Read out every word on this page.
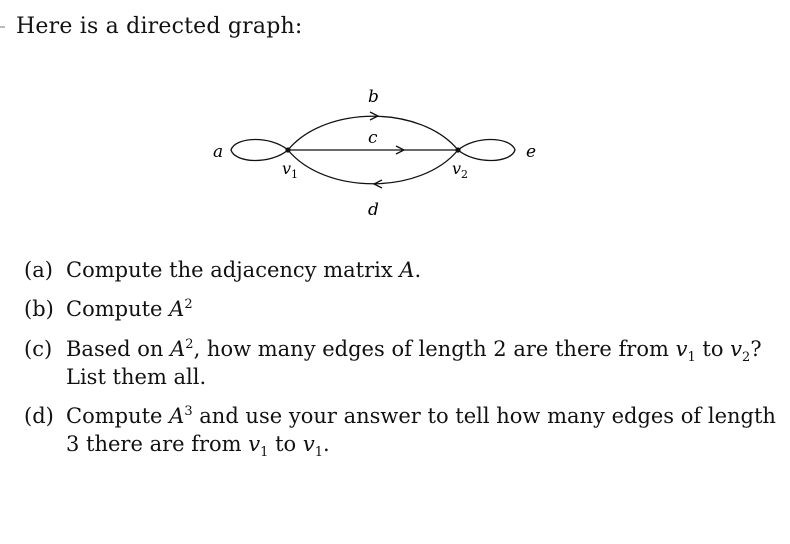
Here is a directed graph:
a
b
c
d
e
$v_1$	$v_2$
(a) Compute the adjacency matrix A.
(b) Compute $A^2$
(c) Based on $A^2$, how many edges of length 2 are there from $v_1$ to $v_2$?
List them all.
(d) Compute $A^3$ and use your answer to tell how many edges of length
3 there are from $v_1$ to $v_1$.
